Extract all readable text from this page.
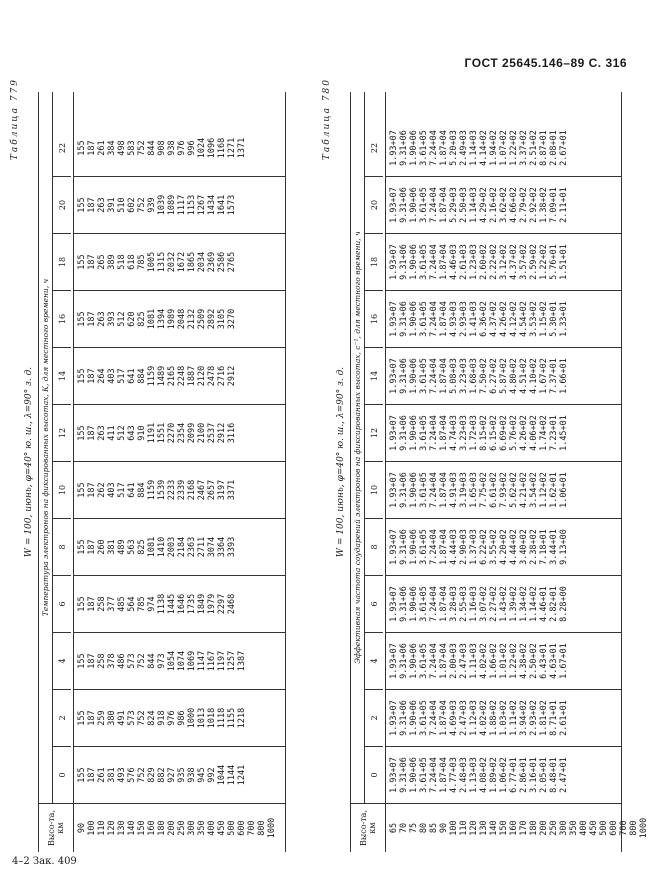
ГОСТ 25645.146–89 С. 316
Таблица 779
W = 100, июнь, φ=40° ю. ш., λ=90° з. д.
Высо-та, км
Температура электронов на фиксированных высотах, К, для местного времени, ч
0
2
4
6
8
10
12
14
16
18
20
22
90
100
110
120
130
140
150
160
180
200
250
300
350
400
450
500
600
700
800
1000
155
187
261
381
493
576
752
829
882
927
935
938
945
992
1044
1144
1241
155
187
259
380
491
573
752
824
918
976
986
1000
1013
1018
1118
1155
1218
155
187
258
378
486
573
752
844
973
1054
1074
1069
1147
1167
1197
1257
1387
155
187
258
377
485
564
785
974
1138
1445
1646
1735
1849
1979
2297
2468
155
187
260
381
489
563
825
1081
1410
2003
2184
2363
2711
3074
3364
3393
155
187
262
403
517
641
884
1159
1539
2233
2339
2168
2467
2657
3197
3371
155
187
263
411
512
643
910
1191
1551
2270
2354
2099
2100
2537
2912
3116
155
187
264
403
517
641
884
1159
1489
2165
2248
1887
2120
2478
2716
2912
155
187
263
393
512
620
825
1081
1394
1989
2048
2132
2509
2892
3105
3270
155
187
265
389
518
618
785
1005
1315
2032
1672
1865
2034
2369
2586
2765
155
187
263
391
510
602
752
939
1039
1089
1117
1153
1267
1434
1641
1573
155
187
261
384
498
583
752
844
908
938
976
996
1024
1096
1168
1271
1371	Таблица 780
W = 100, июнь, φ=40° ю. ш., λ=90° з. д.
Высо-та, км
Эффективная частота соударений электронов на фиксированных высотах, с⁻¹, для местного времени, ч
0
2
4
6
8
10
12
14
16
18
20
22
65
70
75
80
85
90
100
110
120
130
140
150
160
170
180
200
250
300
350
400
450
500
600
700
800
1000
1.93+07
9.31+06
1.90+06
3.61+05
7.24+04
1.87+04
4.77+03
2.48+03
1.13+03
4.08+02
1.89+02
1.06+02
6.77+01
2.86+01
3.16+01
2.05+01
8.48+01
2.47+01
1.93+07
9.31+06
1.90+06
3.61+05
7.24+04
1.87+04
4.69+03
2.47+03
1.12+03
4.02+02
1.88+02
1.03+02
1.11+02
3.94+02
2.93+02
1.81+02
8.71+01
2.61+01
1.93+07
9.31+06
1.90+06
3.61+05
7.24+04
1.87+04
2.00+03
2.47+03
1.11+03
4.02+02
1.66+02
1.01+02
1.22+02
4.38+02
2.50+02
6.43+01
4.63+01
1.67+01
1.93+07
9.31+06
1.90+06
3.61+05
7.24+04
1.87+04
3.28+03
2.55+03
1.16+03
3.07+02
2.27+02
1.43+02
1.39+02
1.34+02
1.14+02
4.46+01
2.82+01
8.28+00
1.93+07
9.31+06
1.90+06
3.61+05
7.24+04
1.87+04
4.44+03
2.90+03
1.37+03
6.22+02
3.55+02
4.20+02
4.44+02
3.40+02
2.38+02
7.18+01
3.44+01
9.13+00
1.93+07
9.31+06
1.90+06
3.61+05
7.24+04
1.87+04
4.91+03
3.19+03
1.65+03
7.75+02
6.61+02
7.93+02
5.62+02
4.21+02
3.54+02
1.12+02
1.62+01
1.06+01
1.93+07
9.31+06
1.90+06
3.61+05
7.24+04
1.87+04
4.74+03
3.23+03
1.72+03
8.15+02
6.15+02
6.69+02
5.76+02
4.26+02
4.06+02
1.74+02
7.23+01
1.45+01
1.93+07
9.31+06
1.90+06
3.61+05
7.24+04
1.87+04
5.08+03
3.23+03
1.68+03
7.50+02
6.27+02
5.87+02
4.80+02
4.51+02
4.10+02
1.67+02
7.37+01
1.66+01
1.93+07
9.31+06
1.90+06
3.61+05
7.24+04
1.87+04
4.93+03
2.93+03
1.41+03
6.36+02
4.37+02
4.26+02
4.12+02
4.54+02
3.53+02
1.15+02
5.30+01
1.33+01
1.93+07
9.31+06
1.90+06
3.61+05
7.24+04
1.87+04
4.46+03
2.61+03
1.23+03
2.60+02
2.22+02
3.12+02
4.37+02
3.57+02
2.59+02
1.22+02
5.76+01
1.51+01
1.93+07
9.31+06
1.90+06
3.61+05
7.24+04
1.87+04
5.29+03
2.50+03
1.14+03
4.29+02
2.16+02
3.62+02
4.66+02
2.79+02
2.92+02
1.38+02
7.09+01
2.11+01
1.93+07
9.31+06
1.90+06
3.61+05
7.24+04
1.87+04
5.20+03
2.49+03
1.14+03
4.14+02
1.94+02
1.07+02
1.22+02
3.37+02
2.51+02
8.87+01
2.08+01
2.67+01
4–2 Зак. 409
